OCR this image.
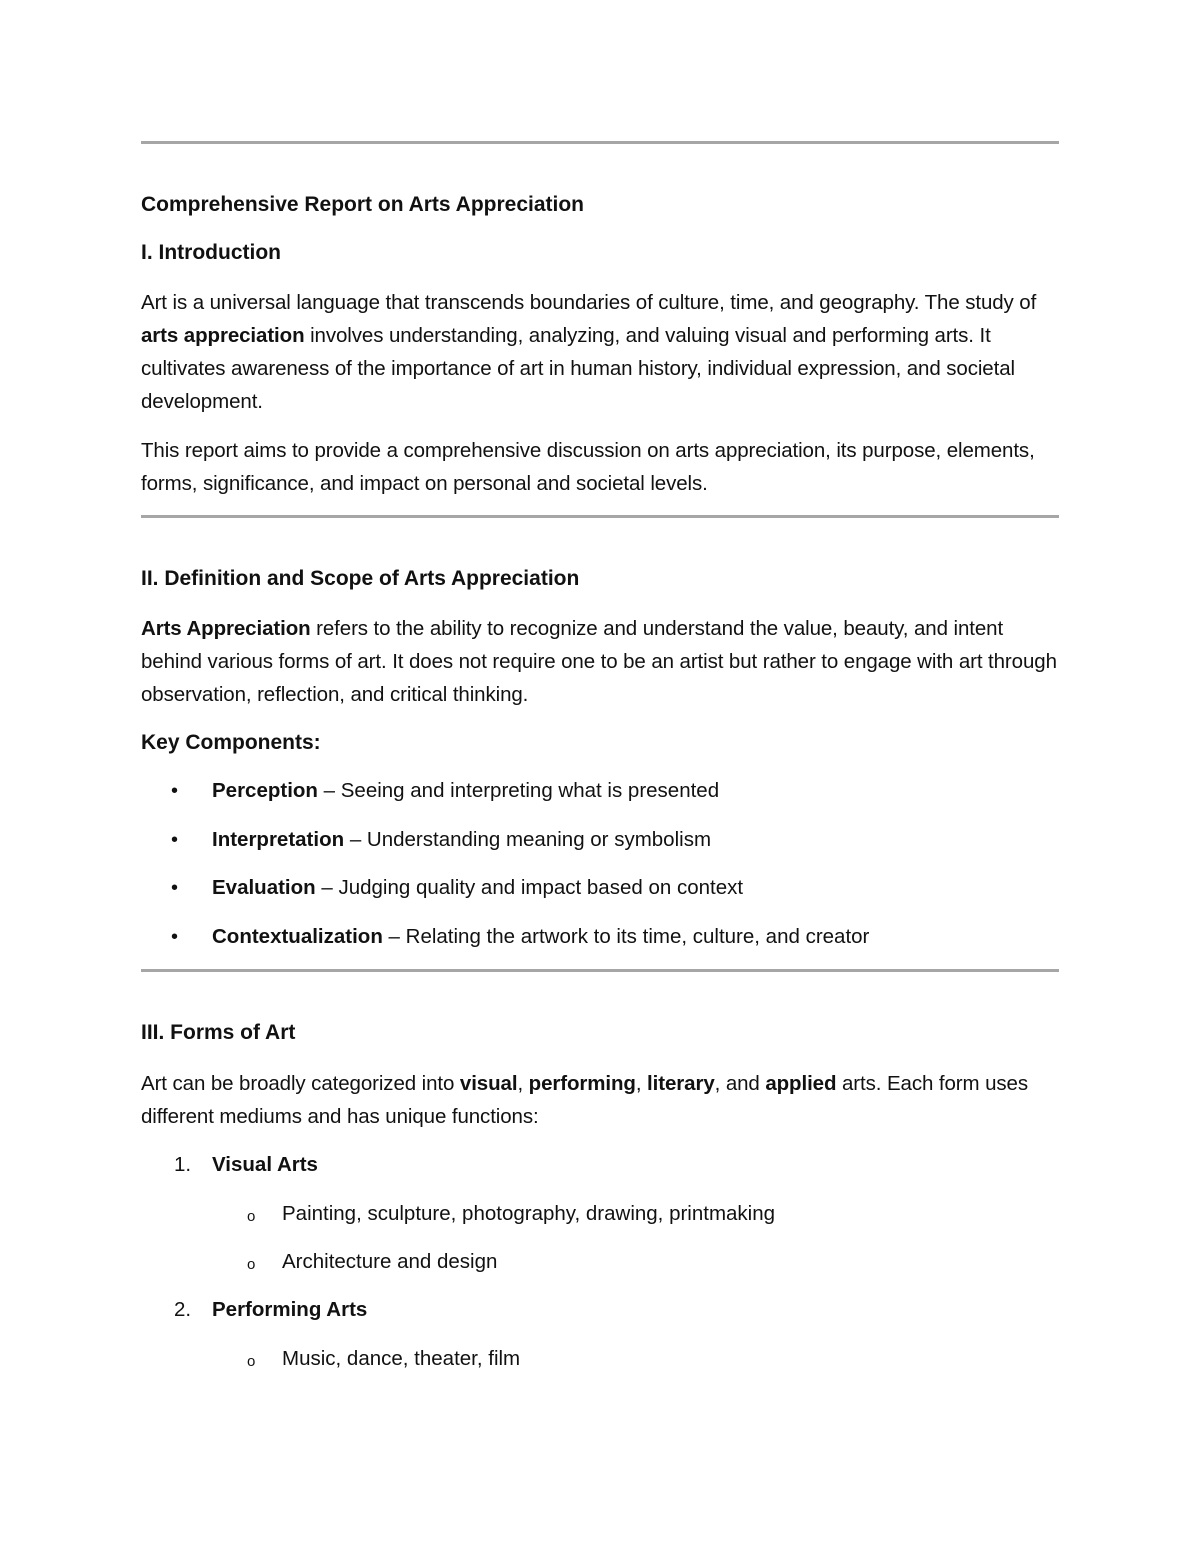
Comprehensive Report on Arts Appreciation
I. Introduction
Art is a universal language that transcends boundaries of culture, time, and geography. The study of arts appreciation involves understanding, analyzing, and valuing visual and performing arts. It cultivates awareness of the importance of art in human history, individual expression, and societal development.
This report aims to provide a comprehensive discussion on arts appreciation, its purpose, elements, forms, significance, and impact on personal and societal levels.
II. Definition and Scope of Arts Appreciation
Arts Appreciation refers to the ability to recognize and understand the value, beauty, and intent behind various forms of art. It does not require one to be an artist but rather to engage with art through observation, reflection, and critical thinking.
Key Components:
•	Perception – Seeing and interpreting what is presented
•	Interpretation – Understanding meaning or symbolism
•	Evaluation – Judging quality and impact based on context
•	Contextualization – Relating the artwork to its time, culture, and creator
III. Forms of Art
Art can be broadly categorized into visual, performing, literary, and applied arts. Each form uses different mediums and has unique functions:
1.	Visual Arts
o Painting, sculpture, photography, drawing, printmaking
o Architecture and design
2.	Performing Arts
o Music, dance, theater, film
